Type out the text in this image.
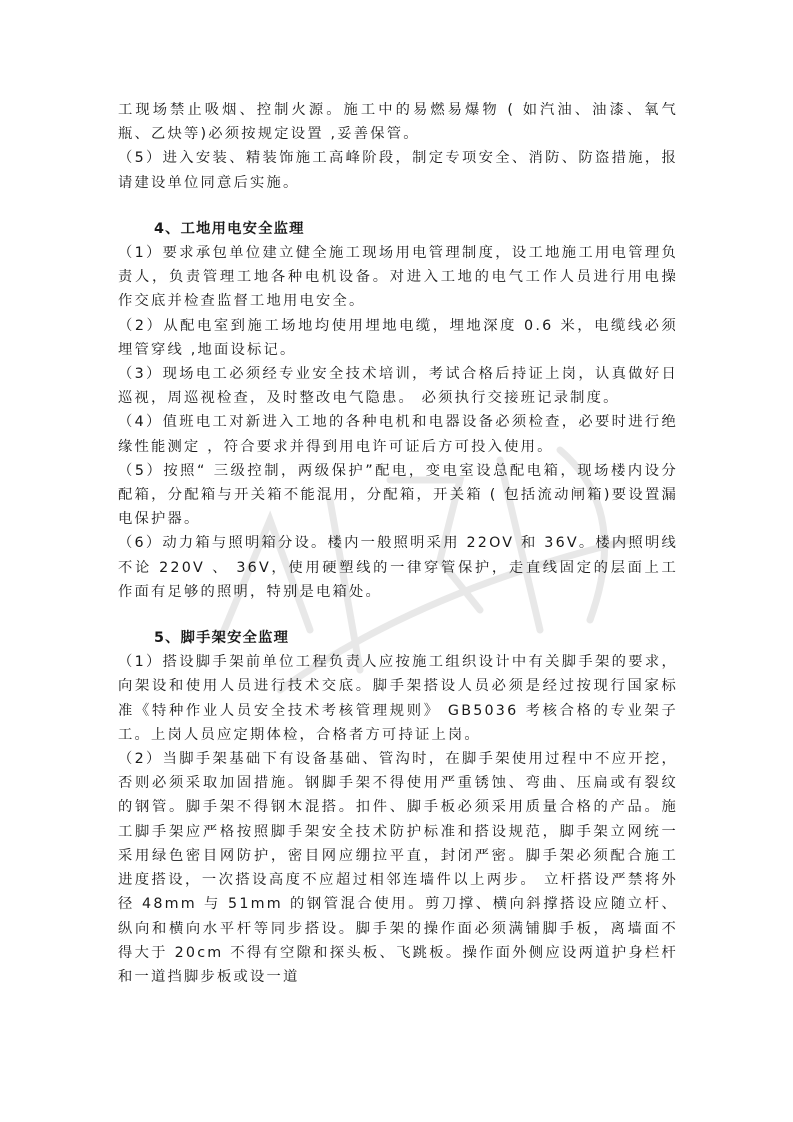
工现场禁止吸烟、控制火源。施工中的易燃易爆物 ( 如汽油、油漆、氧气瓶、乙炔等)必须按规定设置 ,妥善保管。

（5）进入安装、精装饰施工高峰阶段，制定专项安全、消防、防盗措施，报请建设单位同意后实施。

4、工地用电安全监理

（1）要求承包单位建立健全施工现场用电管理制度，设工地施工用电管理负责人，负责管理工地各种电机设备。对进入工地的电气工作人员进行用电操作交底并检查监督工地用电安全。

（2）从配电室到施工场地均使用埋地电缆，埋地深度 0.6 米，电缆线必须埋管穿线 ,地面设标记。

（3）现场电工必须经专业安全技术培训，考试合格后持证上岗，认真做好日巡视，周巡视检查，及时整改电气隐患。 必须执行交接班记录制度。

（4）值班电工对新进入工地的各种电机和电器设备必须检查，必要时进行绝缘性能测定 ，符合要求并得到用电许可证后方可投入使用。

（5）按照“ 三级控制，两级保护”配电，变电室设总配电箱，现场楼内设分配箱，分配箱与开关箱不能混用，分配箱，开关箱 ( 包括流动闸箱)要设置漏电保护器。

（6）动力箱与照明箱分设。楼内一般照明采用 22OV 和 36V。楼内照明线不论 220V 、 36V，使用硬塑线的一律穿管保护，走直线固定的层面上工作面有足够的照明，特别是电箱处。

5、脚手架安全监理

（1）搭设脚手架前单位工程负责人应按施工组织设计中有关脚手架的要求，向架设和使用人员进行技术交底。脚手架搭设人员必须是经过按现行国家标准《特种作业人员安全技术考核管理规则》 GB5036 考核合格的专业架子工。上岗人员应定期体检，合格者方可持证上岗。

（2）当脚手架基础下有设备基础、管沟时，在脚手架使用过程中不应开挖，否则必须采取加固措施。钢脚手架不得使用严重锈蚀、弯曲、压扁或有裂纹的钢管。脚手架不得钢木混搭。扣件、脚手板必须采用质量合格的产品。施工脚手架应严格按照脚手架安全技术防护标准和搭设规范，脚手架立网统一采用绿色密目网防护，密目网应绷拉平直，封闭严密。脚手架必须配合施工进度搭设，一次搭设高度不应超过相邻连墙件以上两步。 立杆搭设严禁将外径 48mm 与 51mm 的钢管混合使用。剪刀撑、横向斜撑搭设应随立杆、纵向和横向水平杆等同步搭设。脚手架的操作面必须满铺脚手板，离墙面不得大于 20cm 不得有空隙和探头板、飞跳板。操作面外侧应设两道护身栏杆和一道挡脚步板或设一道
